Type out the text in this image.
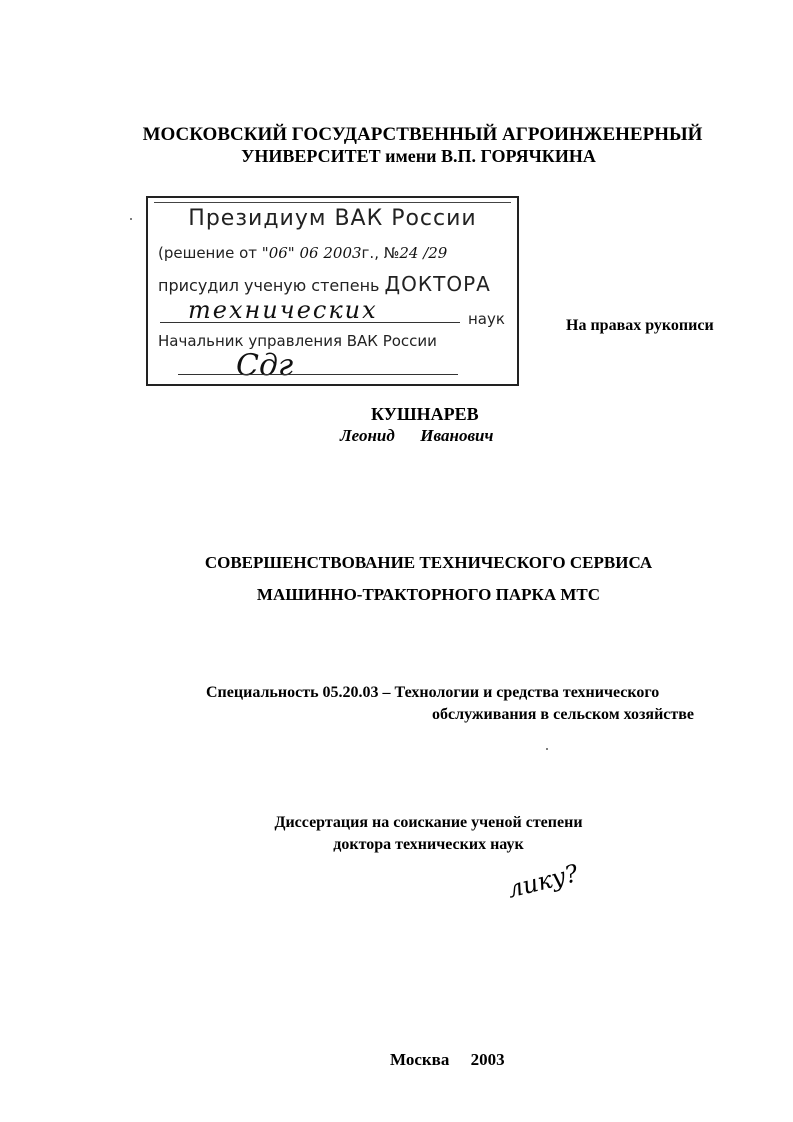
МОСКОВСКИЙ ГОСУДАРСТВЕННЫЙ АГРОИНЖЕНЕРНЫЙ
УНИВЕРСИТЕТ имени В.П. ГОРЯЧКИНА
Президиум ВАК России
(решение от "06" 06 2003г., №24 /29
присудил ученую степень ДОКТОРА
технических	наук
Начальник управления ВАК России
Сдг
На правах рукописи
КУШНАРЕВ
Леонид      Иванович
СОВЕРШЕНСТВОВАНИЕ ТЕХНИЧЕСКОГО СЕРВИСА
МАШИННО-ТРАКТОРНОГО ПАРКА МТС
Специальность 05.20.03 – Технологии и средства технического
обслуживания в сельском хозяйстве
Диссертация на соискание ученой степени
доктора технических наук
лику?
Москва     2003
